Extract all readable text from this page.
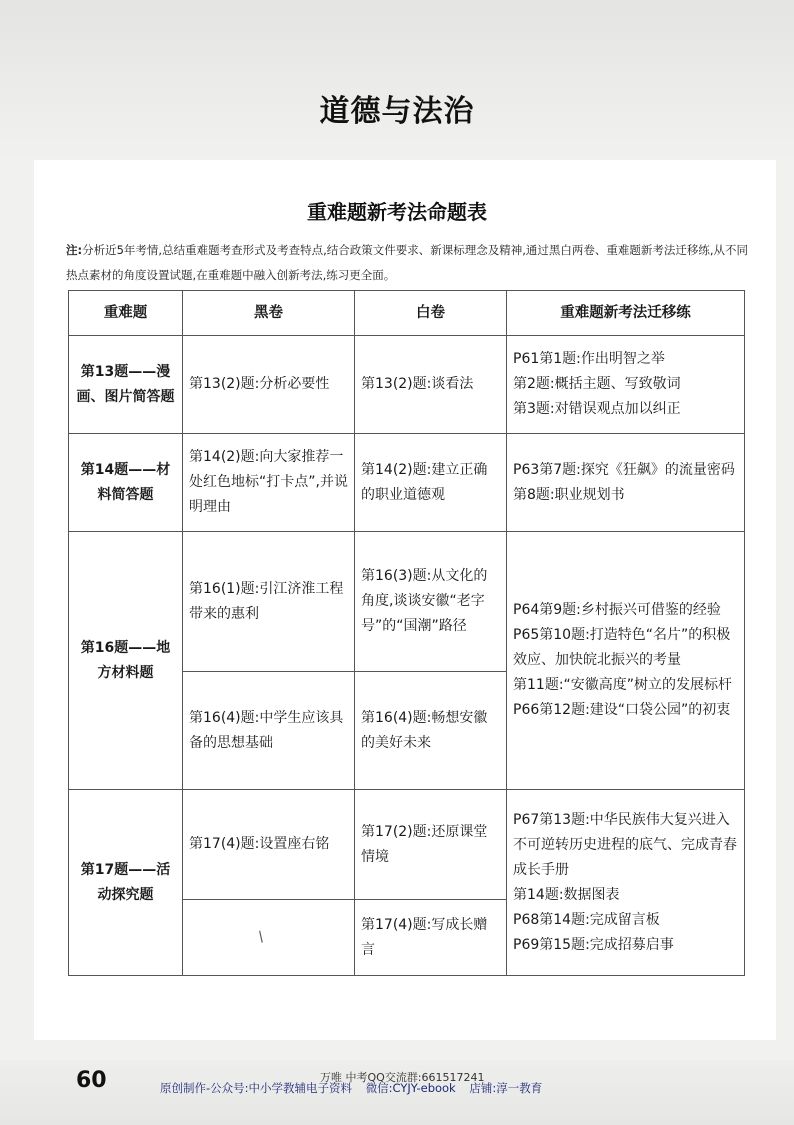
道德与法治
重难题新考法命题表
注:分析近5年考情,总结重难题考查形式及考查特点,结合政策文件要求、新课标理念及精神,通过黑白两卷、重难题新考法迁移练,从不同热点素材的角度设置试题,在重难题中融入创新考法,练习更全面。
重难题	黑卷	白卷	重难题新考法迁移练
第13题——漫画、图片简答题	第13(2)题:分析必要性	第13(2)题:谈看法	P61第1题:作出明智之举
第2题:概括主题、写致敬词
第3题:对错误观点加以纠正

第14题——材料简答题	第14(2)题:向大家推荐一处红色地标“打卡点”,并说明理由	第14(2)题:建立正确的职业道德观	P63第7题:探究《狂飙》的流量密码
第8题:职业规划书

第16题——地方材料题	第16(1)题:引江济淮工程带来的惠利	第16(3)题:从文化的角度,谈谈安徽“老字号”的“国潮”路径	P64第9题:乡村振兴可借鉴的经验
P65第10题:打造特色“名片”的积极效应、加快皖北振兴的考量
第11题:“安徽高度”树立的发展标杆
P66第12题:建设“口袋公园”的初衷

	第16(4)题:中学生应该具备的思想基础	第16(4)题:畅想安徽的美好未来	
第17题——活动探究题	第17(4)题:设置座右铭	第17(2)题:还原课堂情境	P67第13题:中华民族伟大复兴进入不可逆转历史进程的底气、完成青春成长手册
第14题:数据图表
P68第14题:完成留言板
P69第15题:完成招募启事

	/	第17(4)题:写成长赠言	
60	万唯 中考QQ交流群:661517241
原创制作-公众号:中小学教辅电子资料 微信:CYJY-ebook 店铺:淳一教育
